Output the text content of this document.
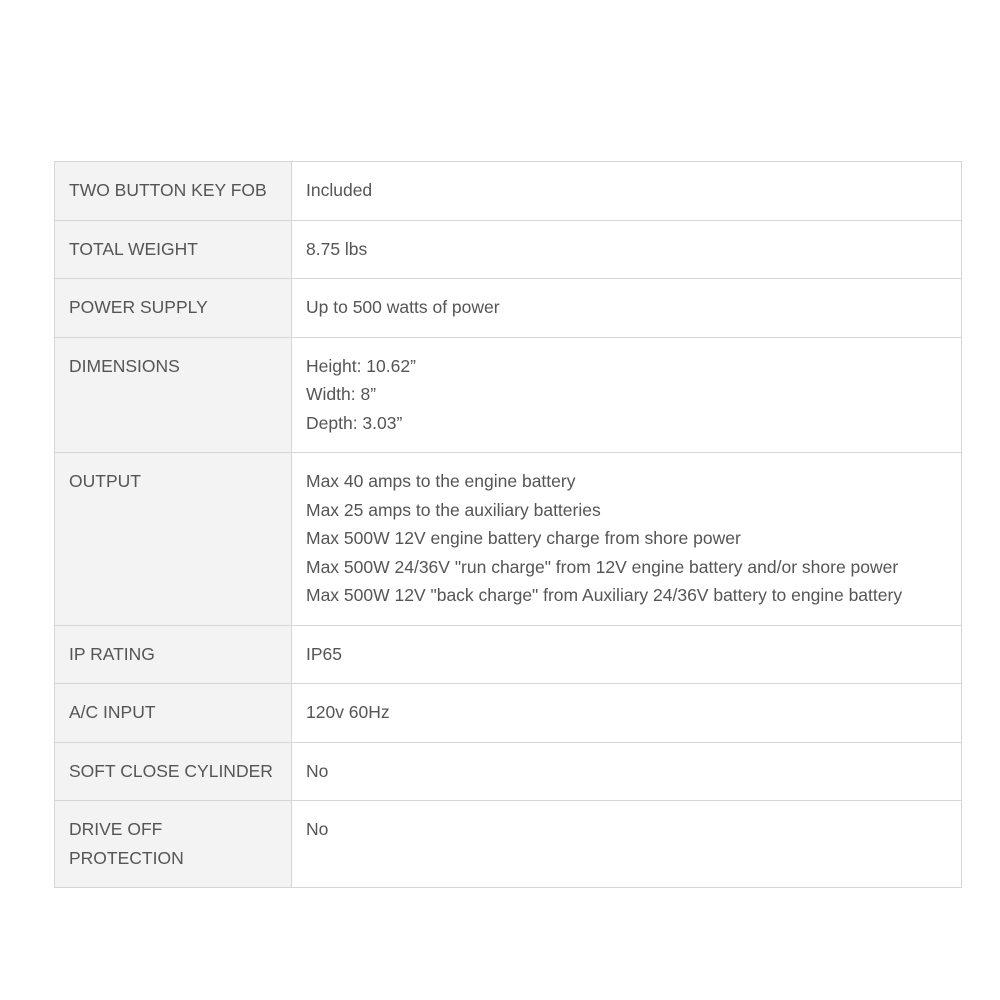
TWO BUTTON KEY FOB	Included

TOTAL WEIGHT	8.75 lbs

POWER SUPPLY	Up to 500 watts of power

DIMENSIONS	Height: 10.62”
Width: 8”
Depth: 3.03”

OUTPUT	Max 40 amps to the engine battery
Max 25 amps to the auxiliary batteries
Max 500W 12V engine battery charge from shore power
Max 500W 24/36V "run charge" from 12V engine battery and/or shore power
Max 500W 12V "back charge" from Auxiliary 24/36V battery to engine battery

IP RATING	IP65

A/C INPUT	120v 60Hz

SOFT CLOSE CYLINDER	No

DRIVE OFF PROTECTION	No
